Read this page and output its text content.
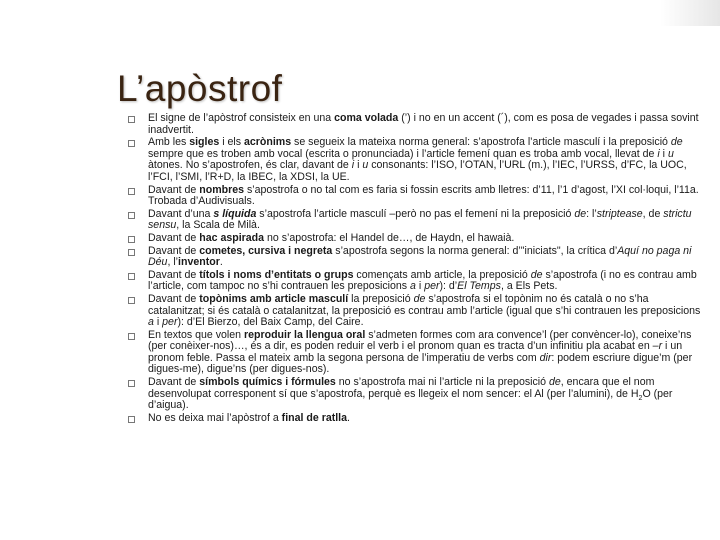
L’apòstrof
El signe de l’apòstrof consisteix en una coma volada (’) i no en un accent (´), com es posa de vegades i passa sovint inadvertit.
Amb les sigles i els acrònims se segueix la mateixa norma general: s’apostrofa l’article masculí i la preposició de sempre que es troben amb vocal (escrita o pronunciada) i l’article femení quan es troba amb vocal, llevat de i i u àtones. No s’apostrofen, és clar, davant de i i u consonants: l’ISO, l’OTAN, l’URL (m.), l’IEC, l’URSS, d’FC, la UOC, l’FCI, l’SMI, l’R+D, la IBEC, la XDSI, la UE.
Davant de nombres s’apostrofa o no tal com es faria si fossin escrits amb lletres: d’11, l’1 d’agost, l’XI col·loqui, l’11a. Trobada d’Audivisuals.
Davant d’una s líquida s’apostrofa l’article masculí –però no pas el femení ni la preposició de: l’striptease, de strictu sensu, la Scala de Milà.
Davant de hac aspirada no s’apostrofa: el Handel de…, de Haydn, el hawaià.
Davant de cometes, cursiva i negreta s’apostrofa segons la norma general: d’"iniciats", la crítica d’Aquí no paga ni Déu, l’inventor.
Davant de títols i noms d’entitats o grups començats amb article, la preposició de s’apostrofa (i no es contrau amb l’article, com tampoc no s’hi contrauen les preposicions a i per): d’El Temps, a Els Pets.
Davant de topònims amb article masculí la preposició de s’apostrofa si el topònim no és català o no s’ha catalanitzat; si és català o catalanitzat, la preposició es contrau amb l’article (igual que s’hi contrauen les preposicions a i per): d’El Bierzo, del Baix Camp, del Caire.
En textos que volen reproduir la llengua oral s’admeten formes com ara convence’l (per convèncer-lo), coneixe’ns (per conèixer-nos)…, és a dir, es poden reduir el verb i el pronom quan es tracta d’un infinitiu pla acabat en –r i un pronom feble. Passa el mateix amb la segona persona de l’imperatiu de verbs com dir: podem escriure digue’m (per digues-me), digue’ns (per digues-nos).
Davant de símbols químics i fórmules no s’apostrofa mai ni l’article ni la preposició de, encara que el nom desenvolupat corresponent sí que s’apostrofa, perquè es llegeix el nom sencer: el Al (per l’alumini), de $H_2O$ (per d’aigua).
No es deixa mai l’apòstrof a final de ratlla.
